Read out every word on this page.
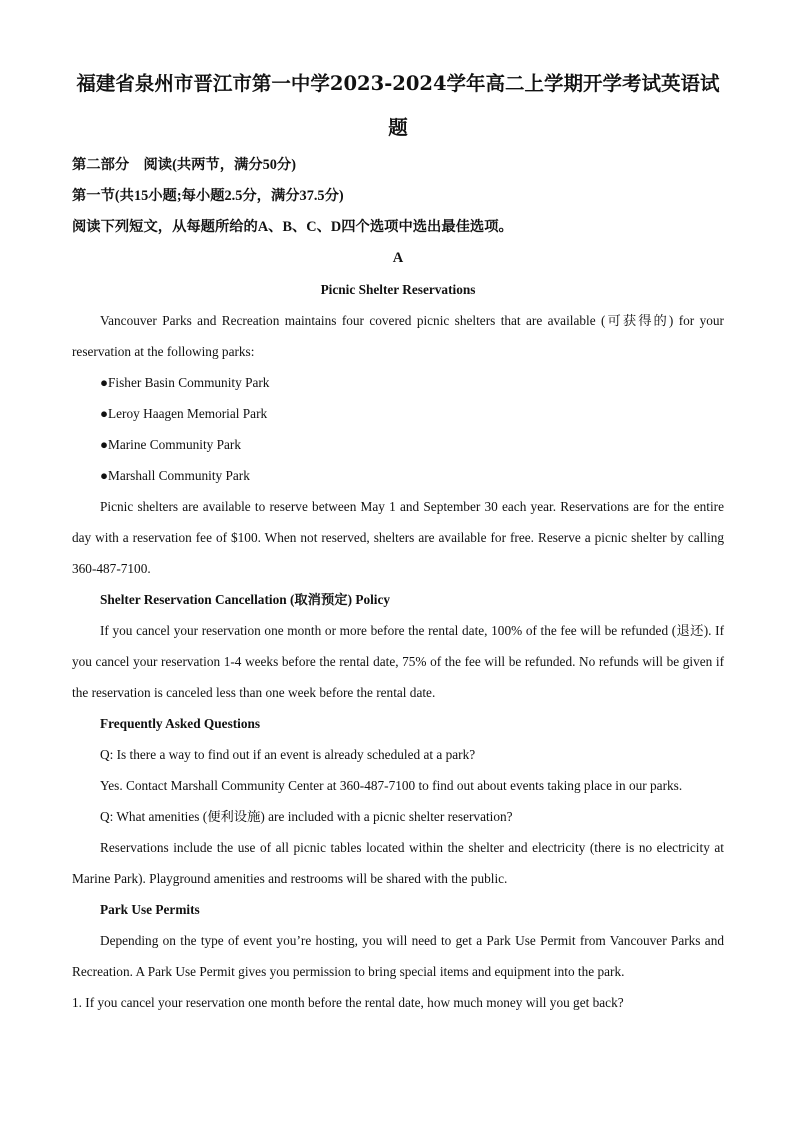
福建省泉州市晋江市第一中学2023-2024学年高二上学期开学考试英语试题

第二部分　阅读(共两节，满分50分)

第一节(共15小题;每小题2.5分，满分37.5分)

阅读下列短文，从每题所给的A、B、C、D四个选项中选出最佳选项。

A

Picnic Shelter Reservations

Vancouver Parks and Recreation maintains four covered picnic shelters that are available (可获得的) for your reservation at the following parks:

●Fisher Basin Community Park
●Leroy Haagen Memorial Park
●Marine Community Park
●Marshall Community Park

Picnic shelters are available to reserve between May 1 and September 30 each year. Reservations are for the entire day with a reservation fee of $100. When not reserved, shelters are available for free. Reserve a picnic shelter by calling 360-487-7100.

Shelter Reservation Cancellation (取消预定) Policy

If you cancel your reservation one month or more before the rental date, 100% of the fee will be refunded (退还). If you cancel your reservation 1-4 weeks before the rental date, 75% of the fee will be refunded. No refunds will be given if the reservation is canceled less than one week before the rental date.

Frequently Asked Questions
Q: Is there a way to find out if an event is already scheduled at a park?
Yes. Contact Marshall Community Center at 360-487-7100 to find out about events taking place in our parks.
Q: What amenities (便利设施) are included with a picnic shelter reservation?

Reservations include the use of all picnic tables located within the shelter and electricity (there is no electricity at Marine Park). Playground amenities and restrooms will be shared with the public.

Park Use Permits

Depending on the type of event you’re hosting, you will need to get a Park Use Permit from Vancouver Parks and Recreation. A Park Use Permit gives you permission to bring special items and equipment into the park.

1. If you cancel your reservation one month before the rental date, how much money will you get back?
